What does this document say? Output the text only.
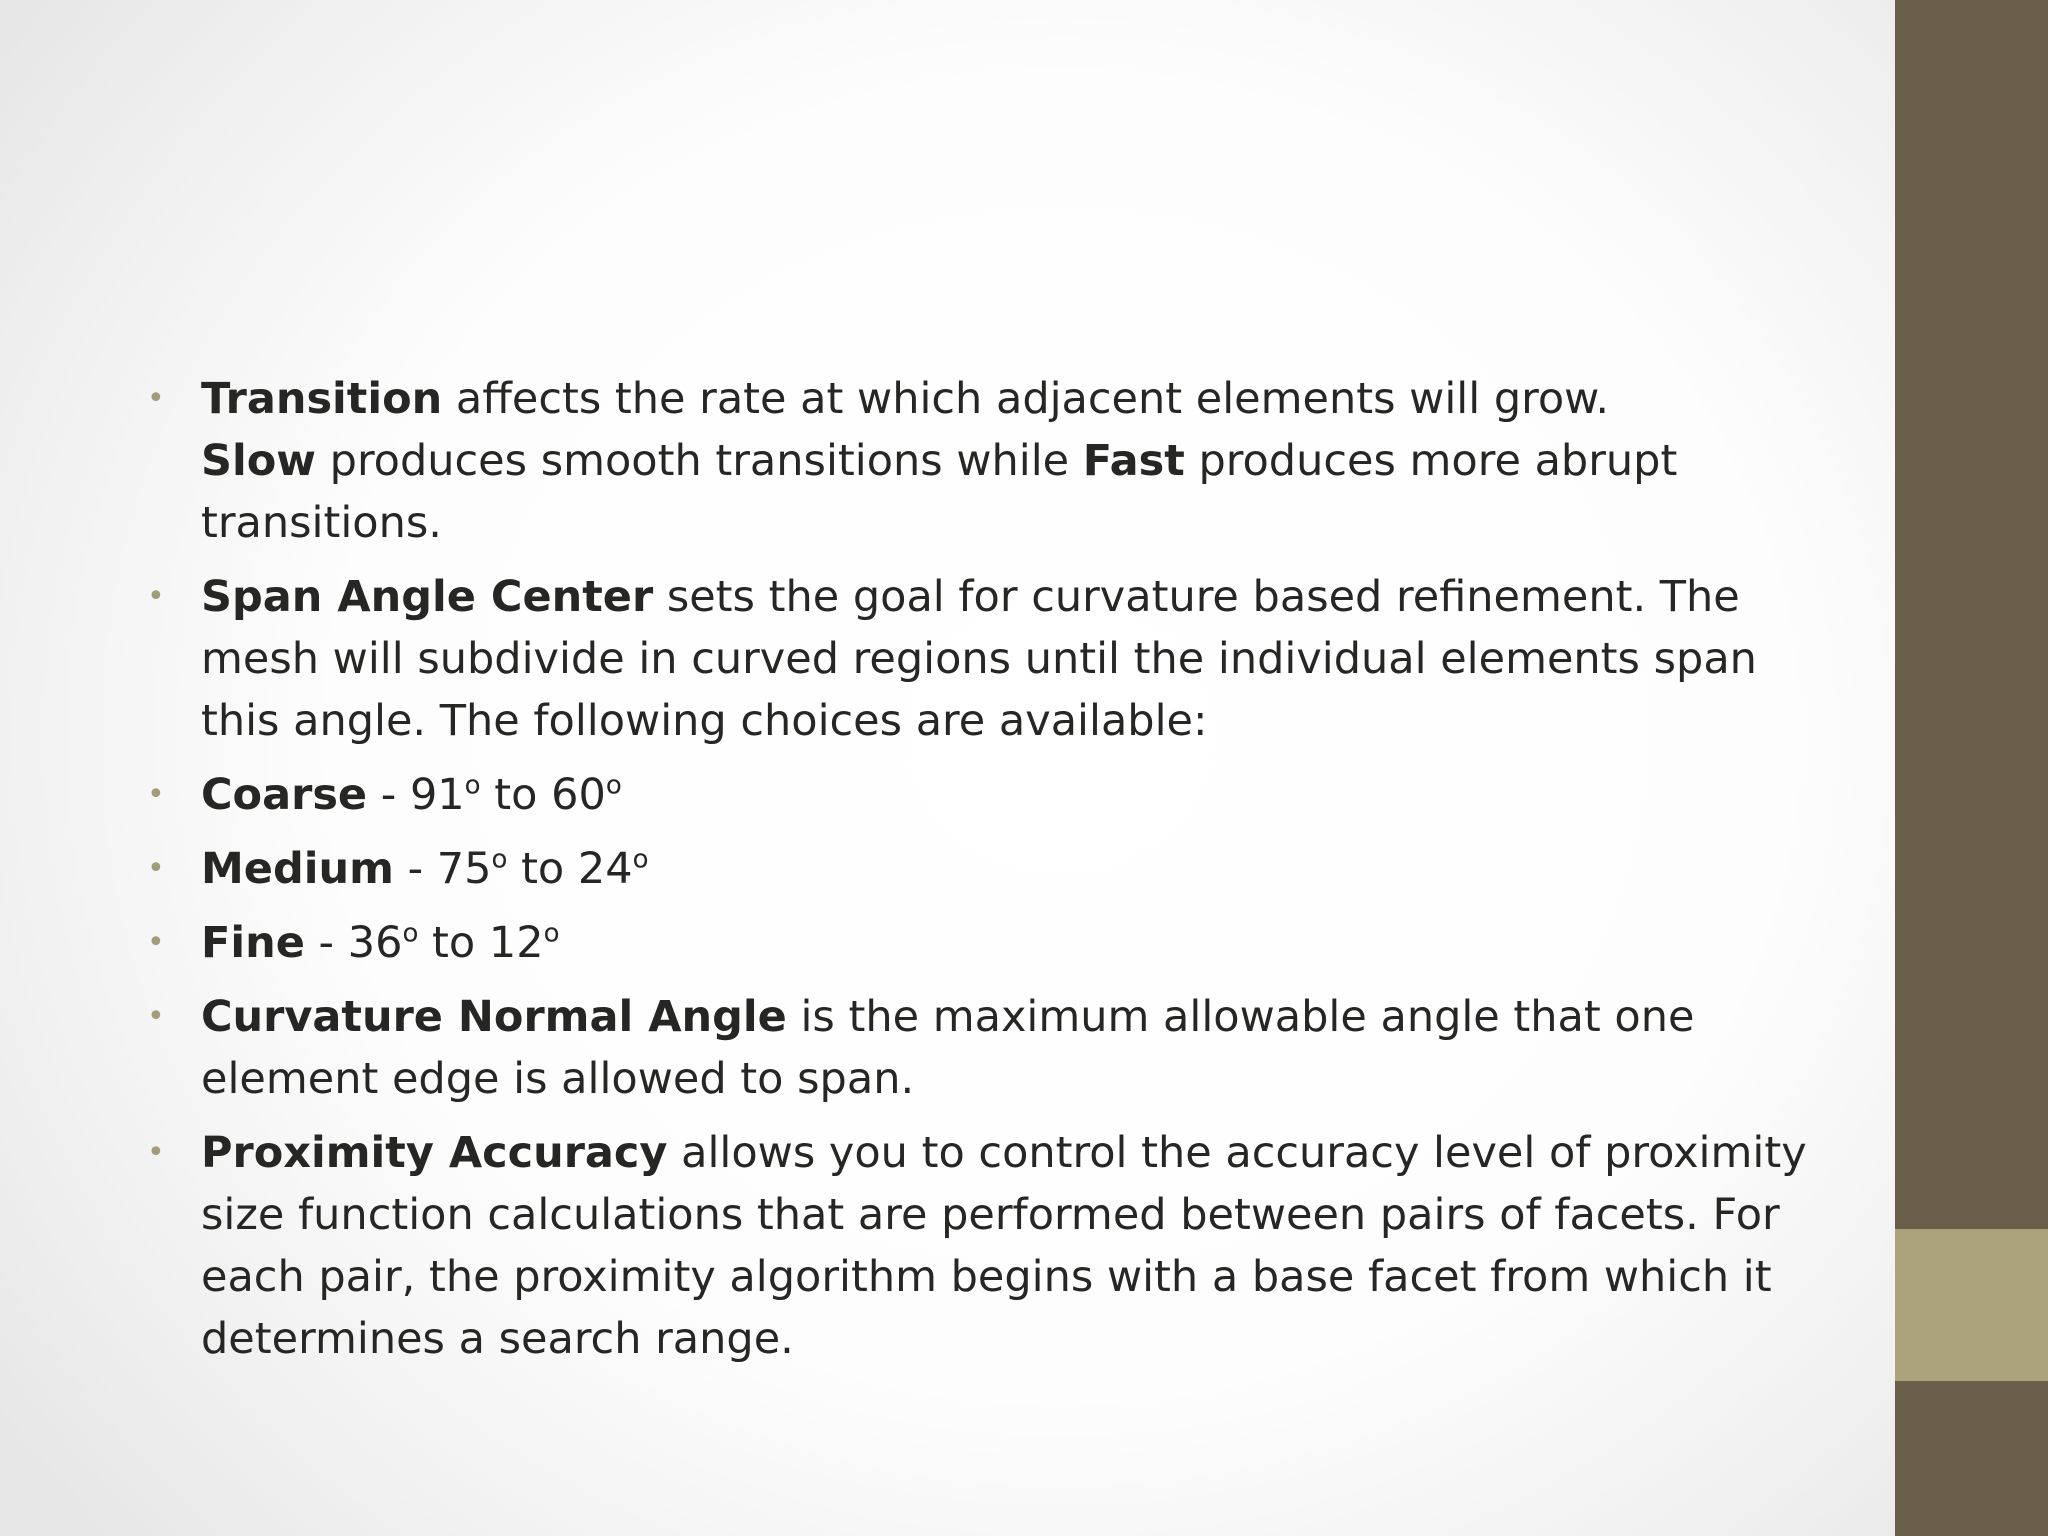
• Transition affects the rate at which adjacent elements will grow.
Slow produces smooth transitions while Fast produces more abrupt transitions.
• Span Angle Center sets the goal for curvature based refinement. The mesh will subdivide in curved regions until the individual elements span this angle. The following choices are available:
• Coarse - 91$^o$ to 60$^o$
• Medium - 75$^o$ to 24$^o$
• Fine - 36$^o$ to 12$^o$
• Curvature Normal Angle is the maximum allowable angle that one element edge is allowed to span.
• Proximity Accuracy allows you to control the accuracy level of proximity size function calculations that are performed between pairs of facets. For each pair, the proximity algorithm begins with a base facet from which it determines a search range.
